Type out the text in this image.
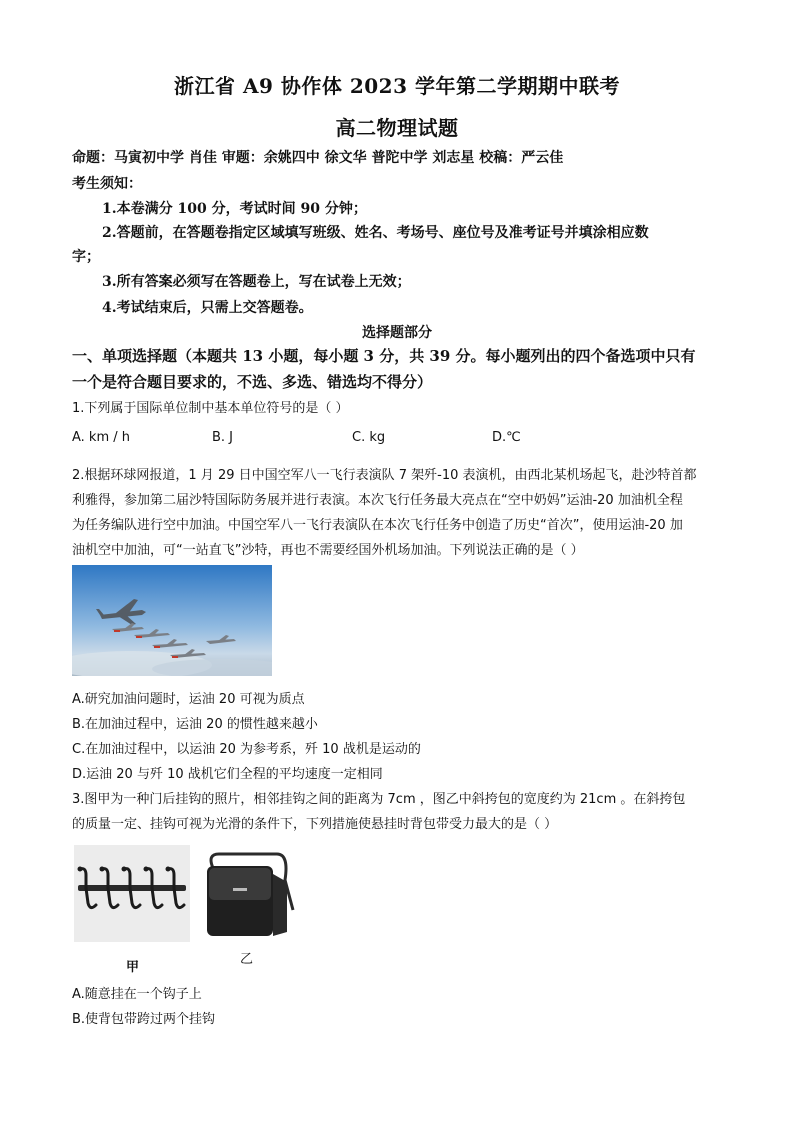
浙江省 A9 协作体 2023 学年第二学期期中联考
高二物理试题
命题：马寅初中学 肖佳 审题：余姚四中 徐文华 普陀中学 刘志星 校稿：严云佳
考生须知：
1.本卷满分 100 分，考试时间 90 分钟；
2.答题前，在答题卷指定区域填写班级、姓名、考场号、座位号及准考证号并填涂相应数
字；
3.所有答案必须写在答题卷上，写在试卷上无效；
4.考试结束后，只需上交答题卷。
选择题部分
一、单项选择题（本题共 13 小题，每小题 3 分，共 39 分。每小题列出的四个备选项中只有
一个是符合题目要求的，不选、多选、错选均不得分）
1.下列属于国际单位制中基本单位符号的是（ ）
A. km / h	B. J	C. kg	D.℃
2.根据环球网报道，1 月 29 日中国空军八一飞行表演队 7 架歼-10 表演机，由西北某机场起飞，赴沙特首都
利雅得，参加第二届沙特国际防务展并进行表演。本次飞行任务最大亮点在“空中奶妈”运油-20 加油机全程
为任务编队进行空中加油。中国空军八一飞行表演队在本次飞行任务中创造了历史“首次”，使用运油-20 加
油机空中加油，可“一站直飞”沙特，再也不需要经国外机场加油。下列说法正确的是（ ）
A.研究加油问题时，运油 20 可视为质点
B.在加油过程中，运油 20 的惯性越来越小
C.在加油过程中，以运油 20 为参考系，歼 10 战机是运动的
D.运油 20 与歼 10 战机它们全程的平均速度一定相同
3.图甲为一种门后挂钩的照片，相邻挂钩之间的距离为 7cm ，图乙中斜挎包的宽度约为 21cm 。在斜挎包
的质量一定、挂钩可视为光滑的条件下，下列措施使悬挂时背包带受力最大的是（ ）
甲
乙
A.随意挂在一个钩子上
B.使背包带跨过两个挂钩
